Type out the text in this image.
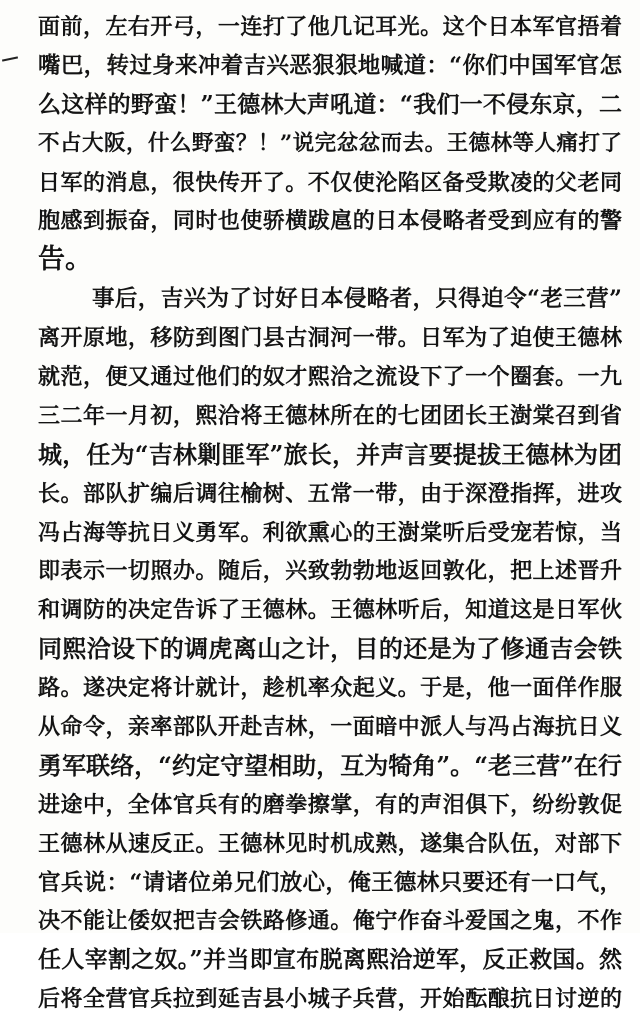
面前，左右开弓，一连打了他几记耳光。这个日本军官捂着
嘴巴，转过身来冲着吉兴恶狠狠地喊道：“你们中国军官怎
么这样的野蛮！”王德林大声吼道：“我们一不侵东京，二
不占大阪，什么野蛮？！”说完忿忿而去。王德林等人痛打了
日军的消息，很快传开了。不仅使沦陷区备受欺凌的父老同
胞感到振奋，同时也使骄横跋扈的日本侵略者受到应有的警
告。
事后，吉兴为了讨好日本侵略者，只得迫令“老三营”
离开原地，移防到图门县古洞河一带。日军为了迫使王德林
就范，便又通过他们的奴才熙洽之流设下了一个圈套。一九
三二年一月初，熙洽将王德林所在的七团团长王澍棠召到省
城，任为“吉林剿匪军”旅长，并声言要提拔王德林为团
长。部队扩编后调往榆树、五常一带，由于深澄指挥，进攻
冯占海等抗日义勇军。利欲熏心的王澍棠听后受宠若惊，当
即表示一切照办。随后，兴致勃勃地返回敦化，把上述晋升
和调防的决定告诉了王德林。王德林听后，知道这是日军伙
同熙洽设下的调虎离山之计，目的还是为了修通吉会铁
路。遂决定将计就计，趁机率众起义。于是，他一面佯作服
从命令，亲率部队开赴吉林，一面暗中派人与冯占海抗日义
勇军联络，“约定守望相助，互为犄角”。“老三营”在行
进途中，全体官兵有的磨拳擦掌，有的声泪俱下，纷纷敦促
王德林从速反正。王德林见时机成熟，遂集合队伍，对部下
官兵说：“请诸位弟兄们放心，俺王德林只要还有一口气，
决不能让倭奴把吉会铁路修通。俺宁作奋斗爱国之鬼，不作
任人宰割之奴。”并当即宣布脱离熙洽逆军，反正救国。然
后将全营官兵拉到延吉县小城子兵营，开始酝酿抗日讨逆的
